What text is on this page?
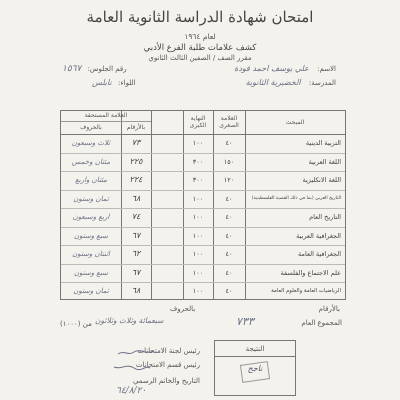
امتحان شهادة الدراسة الثانوية العامة
لعام ١٩٦٤
كشف علامات طلبة الفرع الأدبي
مقرر الصف / الصفين الثالث الثانوي
الاسم: علي يوسف احمد فودة
رقم الجلوس: ١٥٦٧
المدرسة: الخضيرية الثانوية
اللواء: نابلس
العلامة المستحقة
بالحروف	بالأرقام
النهاية الكبرى
العلامة الصغرى	المبحث
ثلاث وسبعون	٧٣	١٠٠	٤٠	التربية الدينية
مئتان وخمس	٢٢٥	٣٠٠	١٥٠	اللغة العربية
مئتان واربع	٢٢٤	٣٠٠	١٢٠	اللغة الانكليزية
ثمان وستون	٦٨	١٠٠	٤٠	التاريخ العربي (بما في ذلك القضية الفلسطينية)
اربع وسبعون	٧٤	١٠٠	٤٠	التاريخ العام
سبع وستون	٦٧	١٠٠	٤٠	الجغرافية العربية
اثنتان وستون	٦٢	١٠٠	٤٠	الجغرافية العامة
سبع وستون	٦٧	١٠٠	٤٠	علم الاجتماع والفلسفة
ثمان وستون	٦٨	١٠٠	٤٠	الرياضيات العامة والعلوم العامة
بالأرقام
بالحروف
المجموع العام
٧٣٣
سبعمائة وثلاث وثلاثون
من (١٠٠٠)
النتيجة
ناجح
رئيس لجنة الامتحانات
رئيس قسم الامتحانات
التاريخ والخاتم الرسمي
٦٤/٨/٢٠
